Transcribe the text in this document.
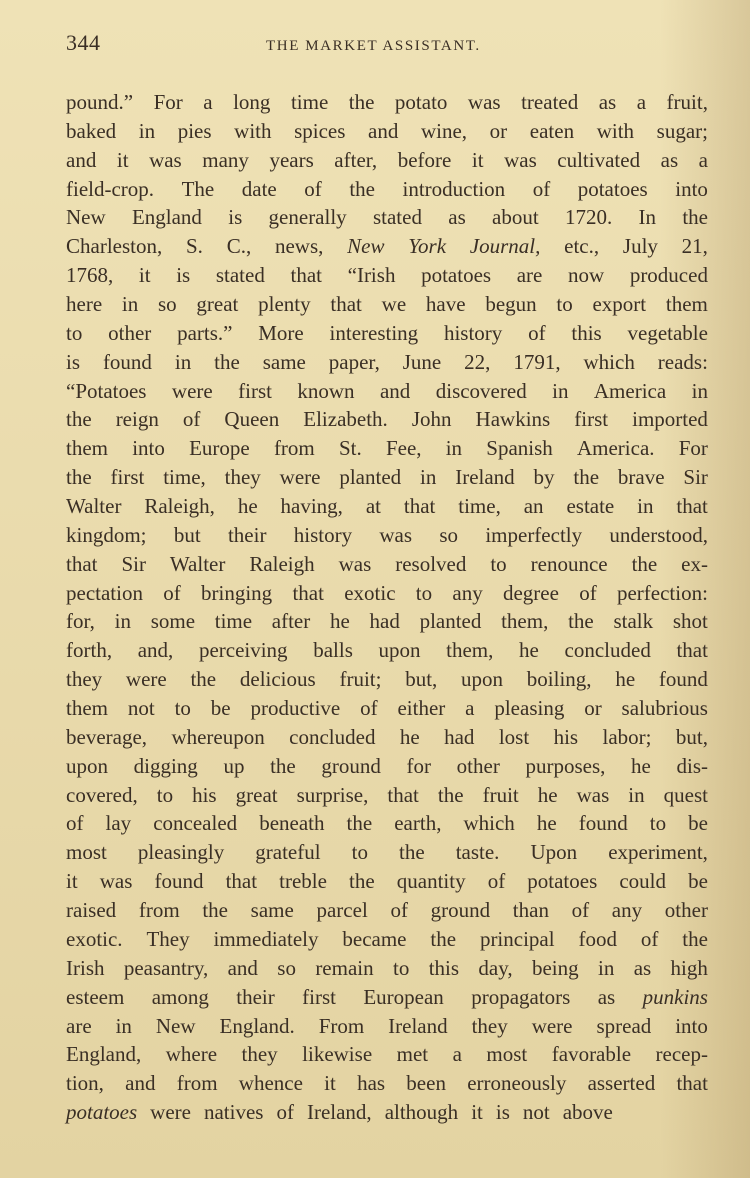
344	THE MARKET ASSISTANT.
pound.” For a long time the potato was treated as a fruit,
baked in pies with spices and wine, or eaten with sugar;
and it was many years after, before it was cultivated as a
field-crop. The date of the introduction of potatoes into
New England is generally stated as about 1720. In the
Charleston, S. C., news, New York Journal, etc., July 21,
1768, it is stated that “Irish potatoes are now produced
here in so great plenty that we have begun to export them
to other parts.” More interesting history of this vegetable
is found in the same paper, June 22, 1791, which reads:
“Potatoes were first known and discovered in America in
the reign of Queen Elizabeth. John Hawkins first imported
them into Europe from St. Fee, in Spanish America. For
the first time, they were planted in Ireland by the brave Sir
Walter Raleigh, he having, at that time, an estate in that
kingdom; but their history was so imperfectly understood,
that Sir Walter Raleigh was resolved to renounce the ex-
pectation of bringing that exotic to any degree of perfection:
for, in some time after he had planted them, the stalk shot
forth, and, perceiving balls upon them, he concluded that
they were the delicious fruit; but, upon boiling, he found
them not to be productive of either a pleasing or salubrious
beverage, whereupon concluded he had lost his labor; but,
upon digging up the ground for other purposes, he dis-
covered, to his great surprise, that the fruit he was in quest
of lay concealed beneath the earth, which he found to be
most pleasingly grateful to the taste. Upon experiment,
it was found that treble the quantity of potatoes could be
raised from the same parcel of ground than of any other
exotic. They immediately became the principal food of the
Irish peasantry, and so remain to this day, being in as high
esteem among their first European propagators as punkins
are in New England. From Ireland they were spread into
England, where they likewise met a most favorable recep-
tion, and from whence it has been erroneously asserted that
potatoes were natives of Ireland, although it is not above
